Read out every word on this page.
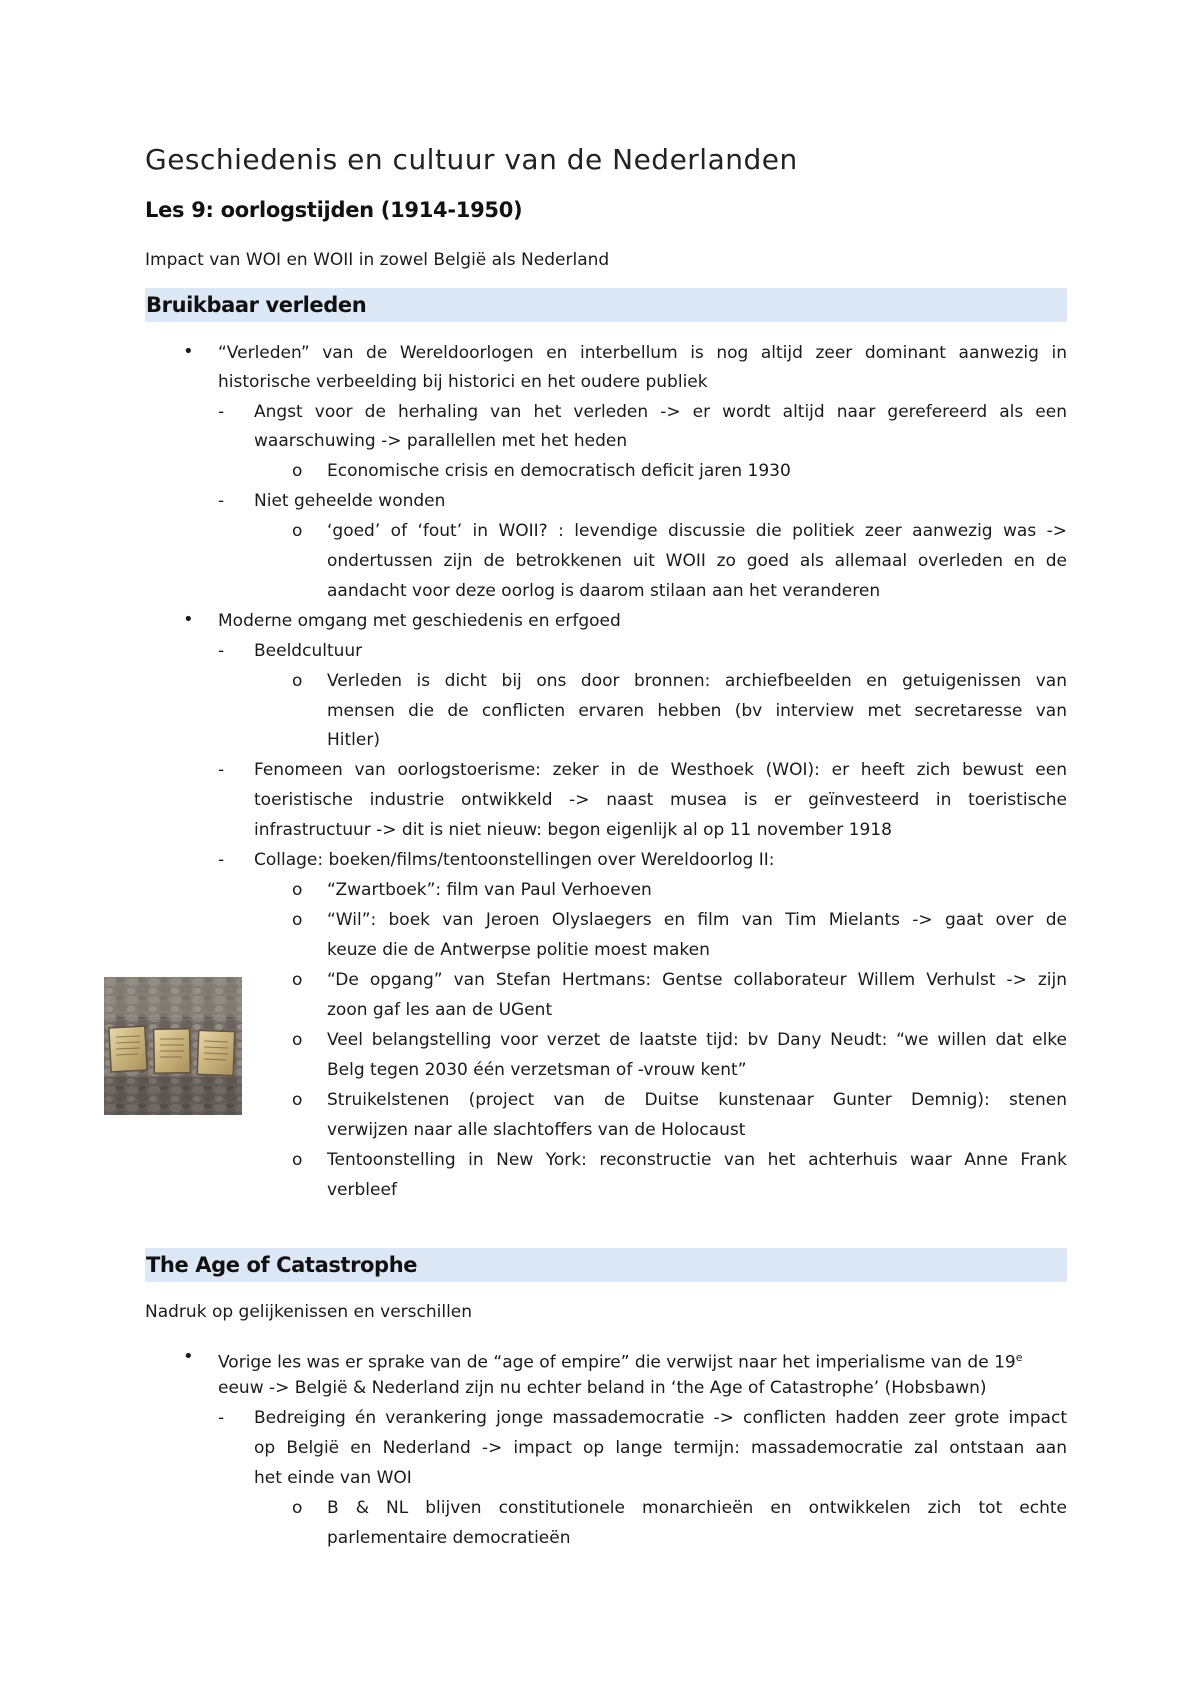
Geschiedenis en cultuur van de Nederlanden
Les 9: oorlogstijden (1914-1950)

Impact van WOI en WOII in zowel België als Nederland

Bruikbaar verleden
• “Verleden” van de Wereldoorlogen en interbellum is nog altijd zeer dominant aanwezig in

historische verbeelding bij historici en het oudere publiek

- Angst voor de herhaling van het verleden -> er wordt altijd naar gerefereerd als een

waarschuwing -> parallellen met het heden

o Economische crisis en democratisch deficit jaren 1930

- Niet geheelde wonden

o ‘goed’ of ‘fout’ in WOII? : levendige discussie die politiek zeer aanwezig was ->

ondertussen zijn de betrokkenen uit WOII zo goed als allemaal overleden en de

aandacht voor deze oorlog is daarom stilaan aan het veranderen

• Moderne omgang met geschiedenis en erfgoed

- Beeldcultuur

o Verleden is dicht bij ons door bronnen: archiefbeelden en getuigenissen van

mensen die de conflicten ervaren hebben (bv interview met secretaresse van

Hitler)

- Fenomeen van oorlogstoerisme: zeker in de Westhoek (WOI): er heeft zich bewust een

toeristische industrie ontwikkeld -> naast musea is er geïnvesteerd in toeristische

infrastructuur -> dit is niet nieuw: begon eigenlijk al op 11 november 1918

- Collage: boeken/films/tentoonstellingen over Wereldoorlog II:

o “Zwartboek”: film van Paul Verhoeven

o “Wil”: boek van Jeroen Olyslaegers en film van Tim Mielants -> gaat over de

keuze die de Antwerpse politie moest maken

o “De opgang” van Stefan Hertmans: Gentse collaborateur Willem Verhulst -> zijn

zoon gaf les aan de UGent

o Veel belangstelling voor verzet de laatste tijd: bv Dany Neudt: “we willen dat elke

Belg tegen 2030 één verzetsman of -vrouw kent”

o Struikelstenen (project van de Duitse kunstenaar Gunter Demnig): stenen

verwijzen naar alle slachtoffers van de Holocaust

o Tentoonstelling in New York: reconstructie van het achterhuis waar Anne Frank

verbleef

The Age of Catastrophe

Nadruk op gelijkenissen en verschillen

• Vorige les was er sprake van de “age of empire” die verwijst naar het imperialisme van de 19e

eeuw -> België & Nederland zijn nu echter beland in ‘the Age of Catastrophe’ (Hobsbawn)

- Bedreiging én verankering jonge massademocratie -> conflicten hadden zeer grote impact

op België en Nederland -> impact op lange termijn: massademocratie zal ontstaan aan

het einde van WOI

o B & NL blijven constitutionele monarchieën en ontwikkelen zich tot echte

parlementaire democratieën
